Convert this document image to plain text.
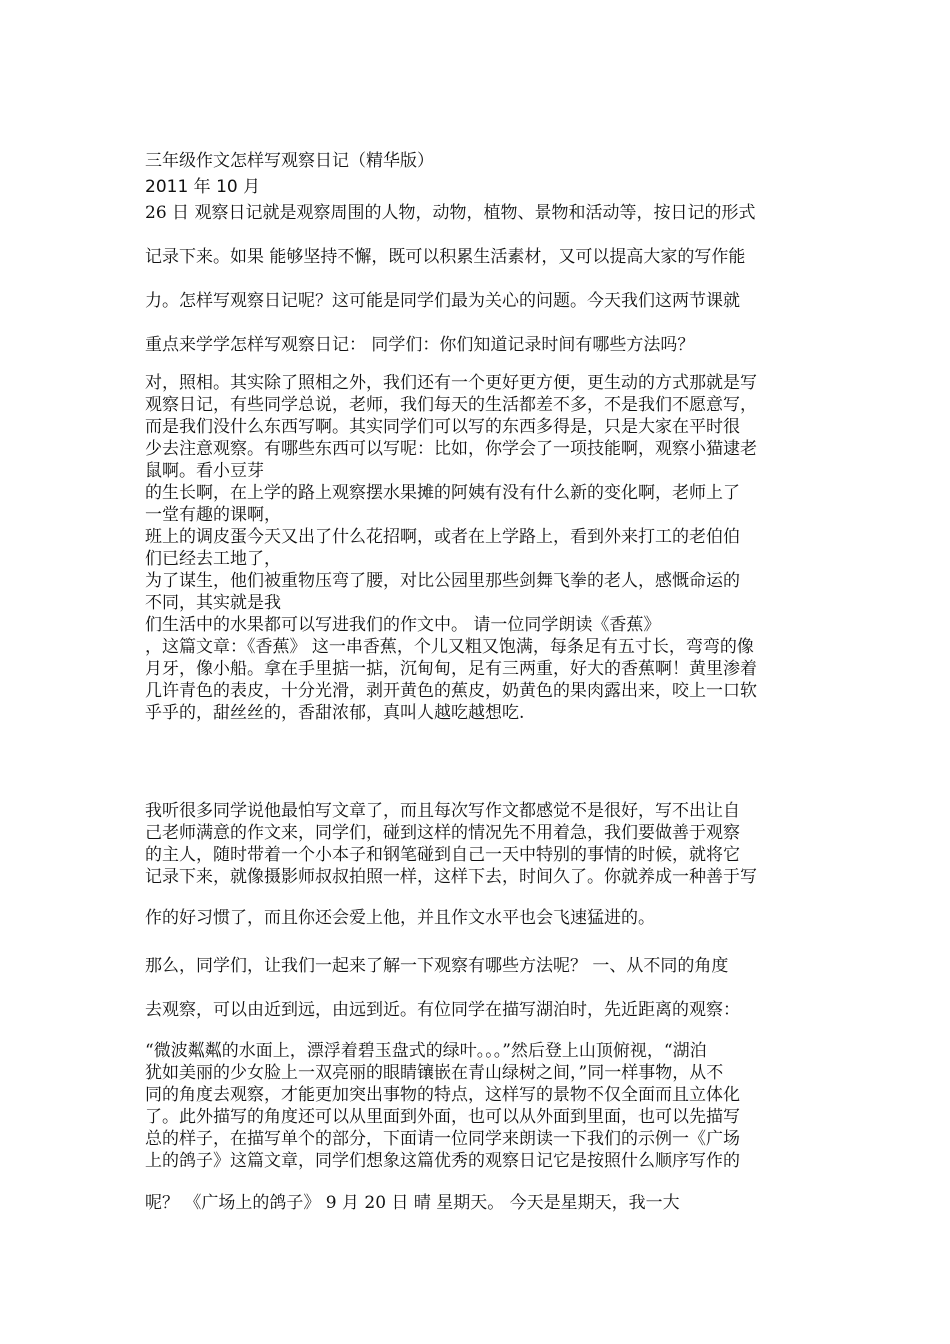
三年级作文怎样写观察日记（精华版）
2011 年 10 月
26 日 观察日记就是观察周围的人物，动物，植物、景物和活动等，按日记的形式
记录下来。如果 能够坚持不懈，既可以积累生活素材，又可以提高大家的写作能
力。怎样写观察日记呢？这可能是同学们最为关心的问题。今天我们这两节课就
重点来学学怎样写观察日记： 同学们：你们知道记录时间有哪些方法吗？
对，照相。其实除了照相之外，我们还有一个更好更方便，更生动的方式那就是写
观察日记，有些同学总说，老师，我们每天的生活都差不多，不是我们不愿意写，
而是我们没什么东西写啊。其实同学们可以写的东西多得是，只是大家在平时很
少去注意观察。有哪些东西可以写呢：比如，你学会了一项技能啊，观察小猫逮老
鼠啊。看小豆芽
的生长啊，在上学的路上观察摆水果摊的阿姨有没有什么新的变化啊，老师上了
一堂有趣的课啊，
班上的调皮蛋今天又出了什么花招啊，或者在上学路上，看到外来打工的老伯伯
们已经去工地了，
为了谋生，他们被重物压弯了腰，对比公园里那些剑舞飞拳的老人，感慨命运的
不同，其实就是我
们生活中的水果都可以写进我们的作文中。 请一位同学朗读《香蕉》
，这篇文章：《香蕉》 这一串香蕉，个儿又粗又饱满，每条足有五寸长，弯弯的像
月牙，像小船。拿在手里掂一掂，沉甸甸，足有三两重，好大的香蕉啊！黄里渗着
几许青色的表皮，十分光滑，剥开黄色的蕉皮，奶黄色的果肉露出来，咬上一口软
乎乎的，甜丝丝的，香甜浓郁，真叫人越吃越想吃.
我听很多同学说他最怕写文章了，而且每次写作文都感觉不是很好，写不出让自
己老师满意的作文来，同学们，碰到这样的情况先不用着急，我们要做善于观察
的主人，随时带着一个小本子和钢笔碰到自己一天中特别的事情的时候，就将它
记录下来，就像摄影师叔叔拍照一样，这样下去，时间久了。你就养成一种善于写
作的好习惯了，而且你还会爱上他，并且作文水平也会飞速猛进的。
那么，同学们，让我们一起来了解一下观察有哪些方法呢？ 一、从不同的角度
去观察，可以由近到远，由远到近。有位同学在描写湖泊时，先近距离的观察：
“微波粼粼的水面上，漂浮着碧玉盘式的绿叶。。。”然后登上山顶俯视，“湖泊
犹如美丽的少女脸上一双亮丽的眼睛镶嵌在青山绿树之间，”同一样事物，从不
同的角度去观察，才能更加突出事物的特点，这样写的景物不仅全面而且立体化
了。此外描写的角度还可以从里面到外面，也可以从外面到里面，也可以先描写
总的样子，在描写单个的部分，下面请一位同学来朗读一下我们的示例一《广场
上的鸽子》这篇文章，同学们想象这篇优秀的观察日记它是按照什么顺序写作的
呢？ 《广场上的鸽子》 9 月 20 日 晴 星期天。 今天是星期天，我一大
